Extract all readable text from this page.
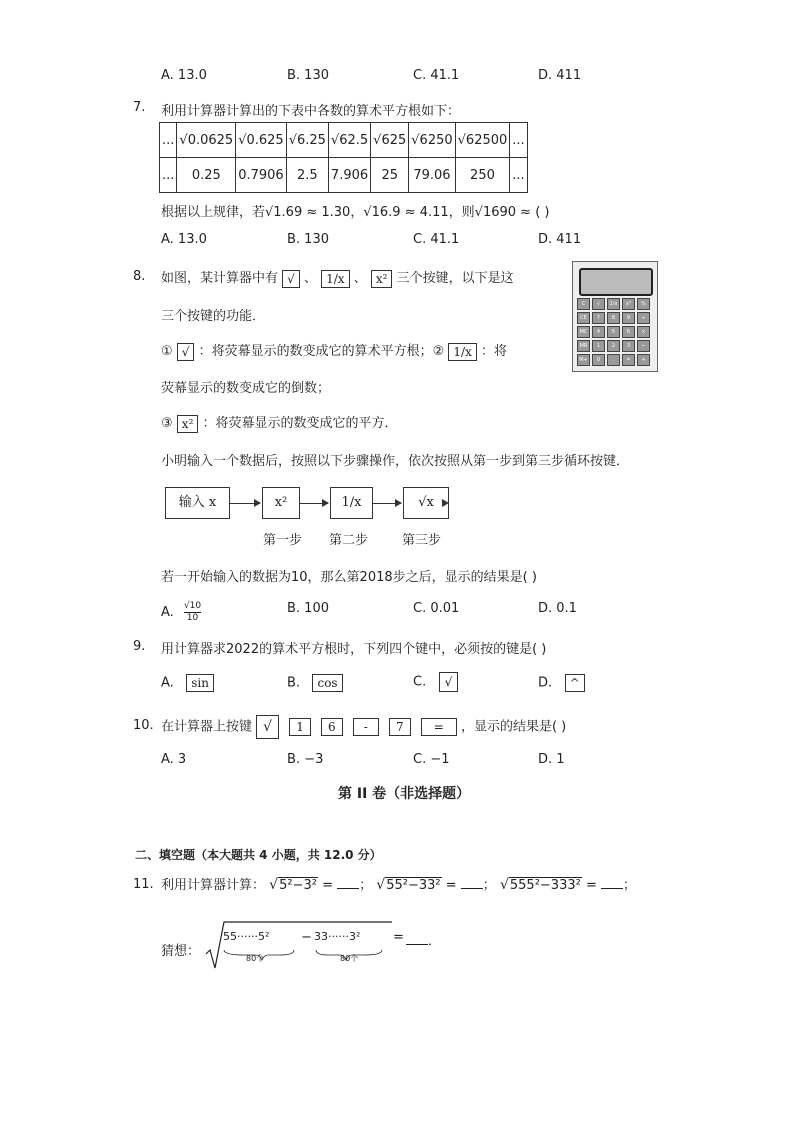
A. 13.0	B. 130	C. 41.1	D. 411
7. 利用计算器计算出的下表中各数的算术平方根如下：
...	√0.0625	√0.625	√6.25	√62.5	√625	√6250	√62500	...
...	0.25	0.7906	2.5	7.906	25	79.06	250	...
根据以上规律，若√1.69 ≈ 1.30，√16.9 ≈ 4.11，则√1690 ≈ ( )
A. 13.0	B. 130	C. 41.1	D. 411
8. 如图，某计算器中有 √ 、 1/x 、 x² 三个按键，以下是这
三个按键的功能．
① √ ：将荧幕显示的数变成它的算术平方根；② 1/x ：将
荧幕显示的数变成它的倒数；
③ x² ：将荧幕显示的数变成它的平方．
小明输入一个数据后，按照以下步骤操作，依次按照从第一步到第三步循环按键．
C	√	1/x	x²	%
CE	7	8	9	÷
MC	4	5	6	×
MR	1	2	3	−
M+	0	.	=	+
输入 x	x²	1/x	√x
第一步 第二步	第三步
若一开始输入的数据为10，那么第2018步之后，显示的结果是( )
A. $\frac{√10}{10}$	B. 100	C. 0.01	D. 0.1
9. 用计算器求2022的算术平方根时，下列四个键中，必须按的键是( )
A. sin	B. cos	C. √	D. ^
10. 在计算器上按键 √ 1 6 - 7	= ，显示的结果是( )
A. 3	B. −3	C. −1	D. 1
第 II 卷（非选择题）
二、填空题（本大题共 4 小题，共 12.0 分）
11. 利用计算器计算： √5²−3² = ； √55²−33² = ； √555²−333² = ；
猜想：
55······5² − 33······3²
80个	80个
=	．
